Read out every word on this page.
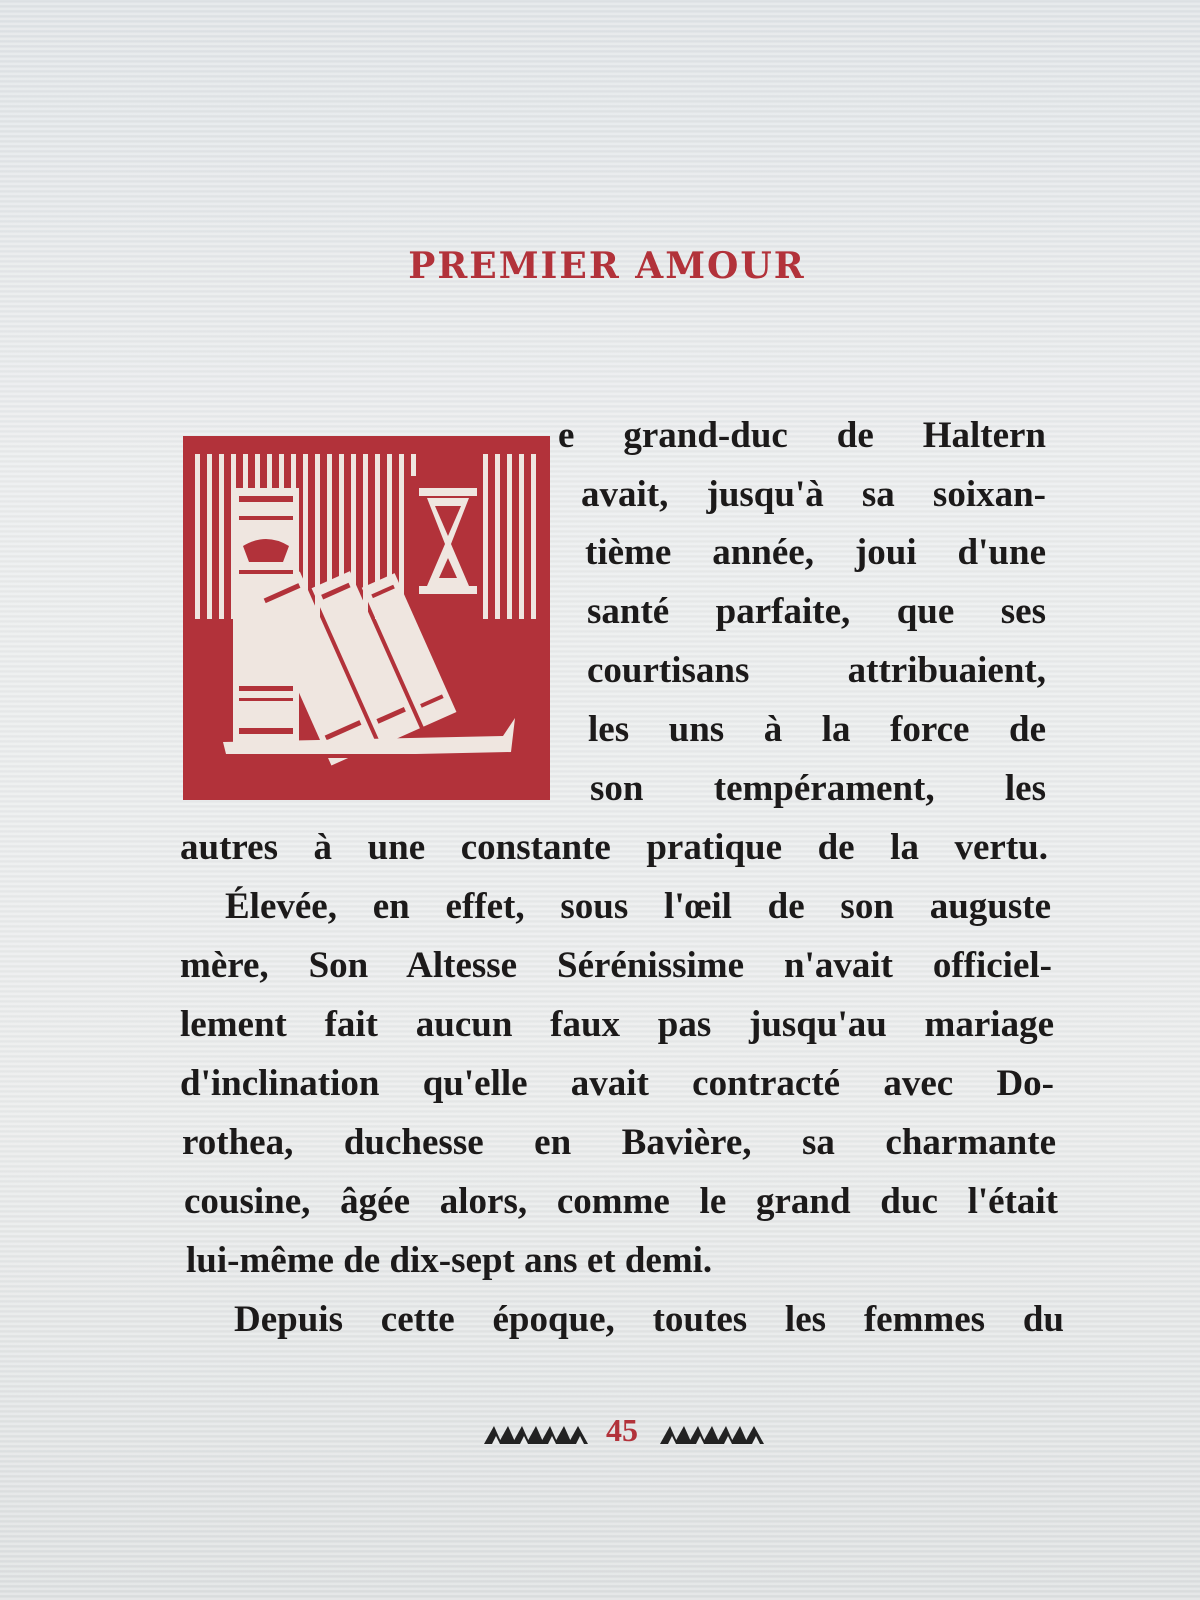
PREMIER AMOUR
e grand-duc de Haltern
avait, jusqu'à sa soixan-
tième année, joui d'une
santé parfaite, que ses
courtisans attribuaient,
les uns à la force de
son tempérament, les
autres à une constante pratique de la vertu.
Élevée, en effet, sous l'œil de son auguste
mère, Son Altesse Sérénissime n'avait officiel-
lement fait aucun faux pas jusqu'au mariage
d'inclination qu'elle avait contracté avec Do-
rothea, duchesse en Bavière, sa charmante
cousine, âgée alors, comme le grand duc l'était
lui-même de dix-sept ans et demi.
Depuis cette époque, toutes les femmes du
45
